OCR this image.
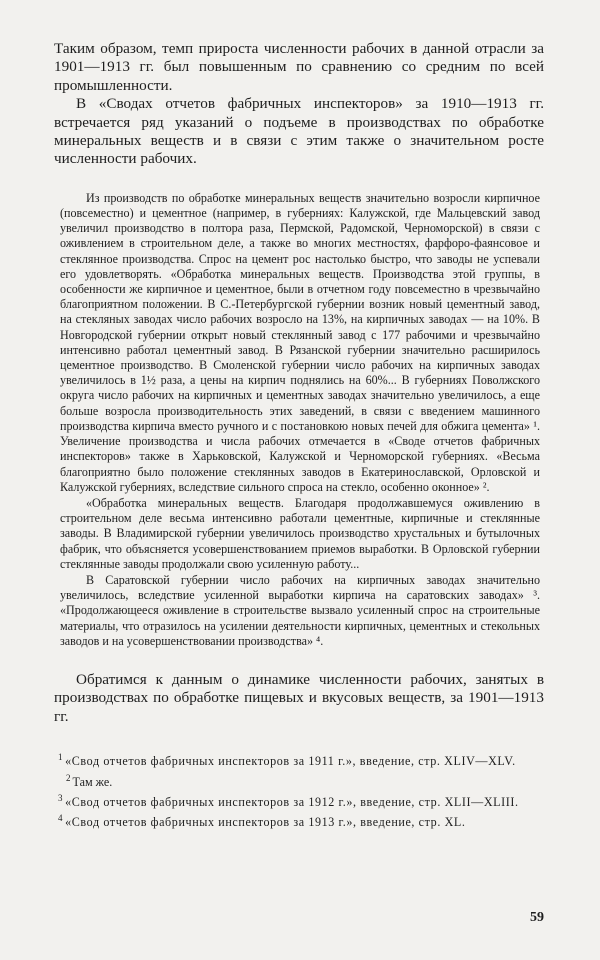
Таким образом, темп прироста численности рабочих в данной отрасли за 1901—1913 гг. был повышенным по сравнению со средним по всей промышленности.

В «Сводах отчетов фабричных инспекторов» за 1910—1913 гг. встречается ряд указаний о подъеме в производствах по обработке минеральных веществ и в связи с этим также о значительном росте численности рабочих.

Из производств по обработке минеральных веществ значительно возросли кирпичное (повсеместно) и цементное (например, в губерниях: Калужской, где Мальцевский завод увеличил производство в полтора раза, Пермской, Радомской, Черноморской) в связи с оживлением в строительном деле, а также во многих местностях, фарфоро-фаянсовое и стеклянное производства. Спрос на цемент рос настолько быстро, что заводы не успевали его удовлетворять. «Обработка минеральных веществ. Производства этой группы, в особенности же кирпичное и цементное, были в отчетном году повсеместно в чрезвычайно благоприятном положении. В С.-Петербургской губернии возник новый цементный завод, на стекляных заводах число рабочих возросло на 13%, на кирпичных заводах — на 10%. В Новгородской губернии открыт новый стеклянный завод с 177 рабочими и чрезвычайно интенсивно работал цементный завод. В Рязанской губернии значительно расширилось цементное производство. В Смоленской губернии число рабочих на кирпичных заводах увеличилось в 1½ раза, а цены на кирпич поднялись на 60%... В губерниях Поволжского округа число рабочих на кирпичных и цементных заводах значительно увеличилось, а еще больше возросла производительность этих заведений, в связи с введением машинного производства кирпича вместо ручного и с постановкою новых печей для обжига цемента» ¹. Увеличение производства и числа рабочих отмечается в «Своде отчетов фабричных инспекторов» также в Харьковской, Калужской и Черноморской губерниях. «Весьма благоприятно было положение стеклянных заводов в Екатеринославской, Орловской и Калужской губерниях, вследствие сильного спроса на стекло, особенно оконное» ².

«Обработка минеральных веществ. Благодаря продолжавшемуся оживлению в строительном деле весьма интенсивно работали цементные, кирпичные и стеклянные заводы. В Владимирской губернии увеличилось производство хрустальных и бутылочных фабрик, что объясняется усовершенствованием приемов выработки. В Орловской губернии стеклянные заводы продолжали свою усиленную работу...

В Саратовской губернии число рабочих на кирпичных заводах значительно увеличилось, вследствие усиленной выработки кирпича на саратовских заводах» ³. «Продолжающееся оживление в строительстве вызвало усиленный спрос на строительные материалы, что отразилось на усилении деятельности кирпичных, цементных и стекольных заводов и на усовершенствовании производства» ⁴.

Обратимся к данным о динамике численности рабочих, занятых в производствах по обработке пищевых и вкусовых веществ, за 1901—1913 гг.

$^1$ «Свод отчетов фабричных инспекторов за 1911 г.», введение, стр. XLIV—XLV.

$^2$ Там же.

$^3$ «Свод отчетов фабричных инспекторов за 1912 г.», введение, стр. XLII—XLIII.

$^4$ «Свод отчетов фабричных инспекторов за 1913 г.», введение, стр. XL.

59
